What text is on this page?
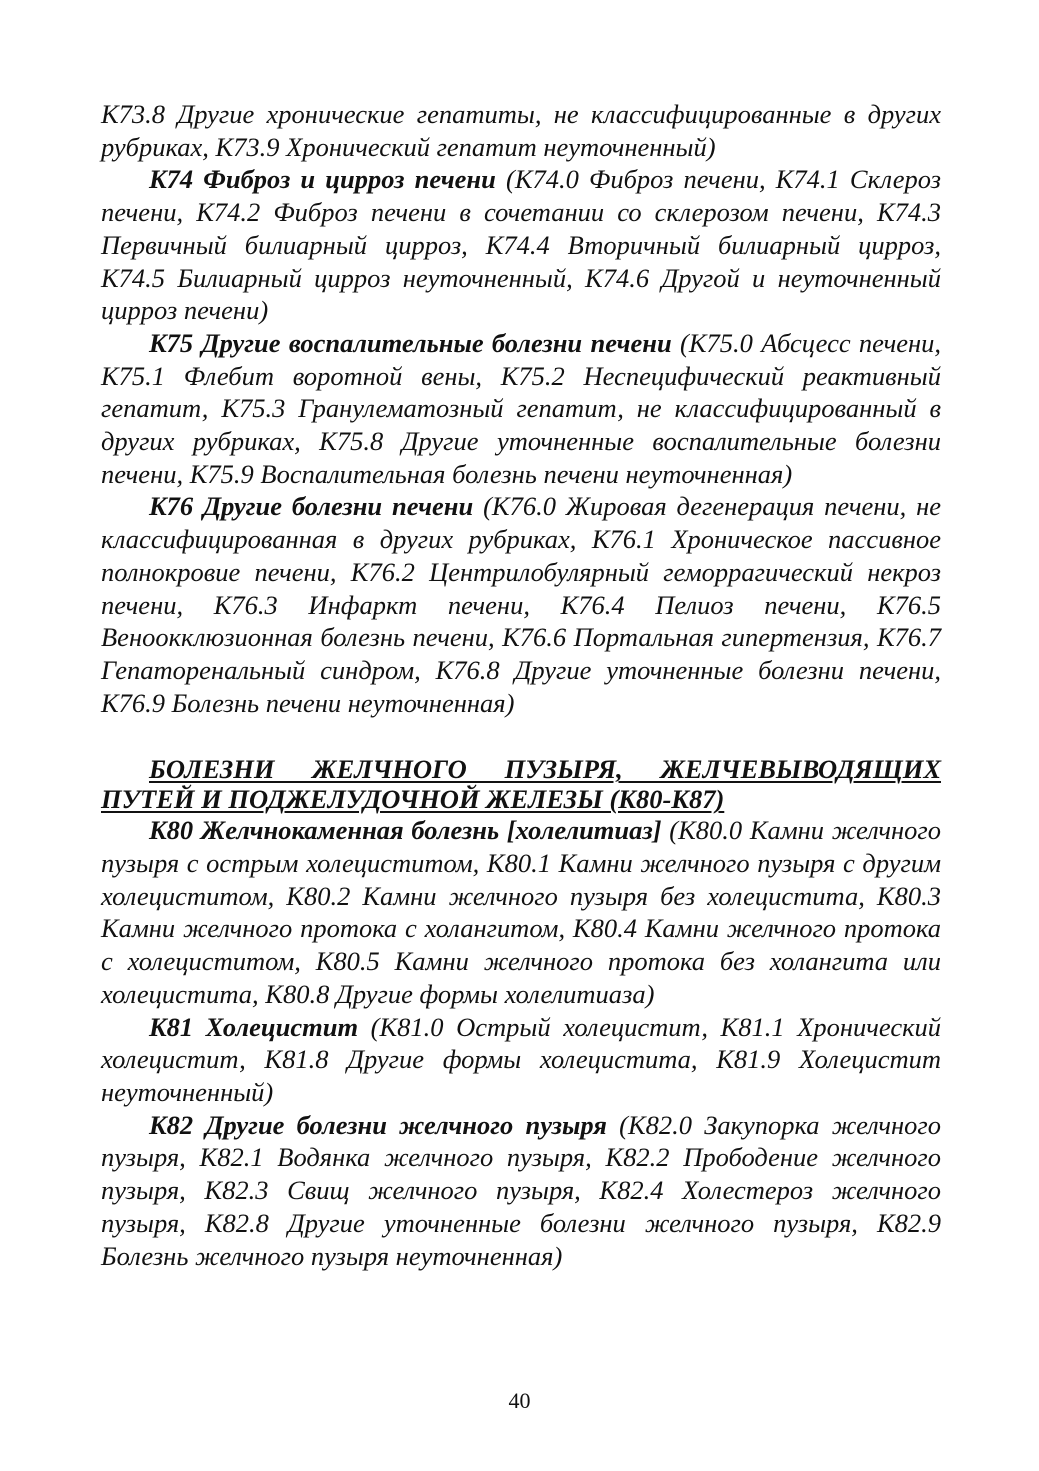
K73.8 Другие хронические гепатиты, не классифицированные в других рубриках, K73.9 Хронический гепатит неуточненный)

K74 Фиброз и цирроз печени (K74.0 Фиброз печени, K74.1 Склероз печени, K74.2 Фиброз печени в сочетании со склерозом печени, K74.3 Первичный билиарный цирроз, K74.4 Вторичный билиарный цирроз, K74.5 Билиарный цирроз неуточненный, K74.6 Другой и неуточненный цирроз печени)

K75 Другие воспалительные болезни печени (K75.0 Абсцесс печени, K75.1 Флебит воротной вены, K75.2 Неспецифический реактивный гепатит, K75.3 Гранулематозный гепатит, не классифицированный в других рубриках, K75.8 Другие уточненные воспалительные болезни печени, K75.9 Воспалительная болезнь печени неуточненная)

K76 Другие болезни печени (K76.0 Жировая дегенерация печени, не классифицированная в других рубриках, K76.1 Хроническое пассивное полнокровие печени, K76.2 Центрилобулярный геморрагический некроз печени, K76.3 Инфаркт печени, K76.4 Пелиоз печени, K76.5 Веноокклюзионная болезнь печени, K76.6 Портальная гипертензия, K76.7 Гепаторенальный синдром, K76.8 Другие уточненные болезни печени, K76.9 Болезнь печени неуточненная)

БОЛЕЗНИ ЖЕЛЧНОГО ПУЗЫРЯ, ЖЕЛЧЕВЫВОДЯЩИХ
ПУТЕЙ И ПОДЖЕЛУДОЧНОЙ ЖЕЛЕЗЫ (K80-K87)

K80 Желчнокаменная болезнь [холелитиаз] (K80.0 Камни желчного пузыря с острым холециститом, K80.1 Камни желчного пузыря с другим холециститом, K80.2 Камни желчного пузыря без холецистита, K80.3 Камни желчного протока с холангитом, K80.4 Камни желчного протока с холециститом, K80.5 Камни желчного протока без холангита или холецистита, K80.8 Другие формы холелитиаза)

K81 Холецистит (K81.0 Острый холецистит, K81.1 Хронический холецистит, K81.8 Другие формы холецистита, K81.9 Холецистит неуточненный)

K82 Другие болезни желчного пузыря (K82.0 Закупорка желчного пузыря, K82.1 Водянка желчного пузыря, K82.2 Прободение желчного пузыря, K82.3 Свищ желчного пузыря, K82.4 Холестероз желчного пузыря, K82.8 Другие уточненные болезни желчного пузыря, K82.9 Болезнь желчного пузыря неуточненная)

40
